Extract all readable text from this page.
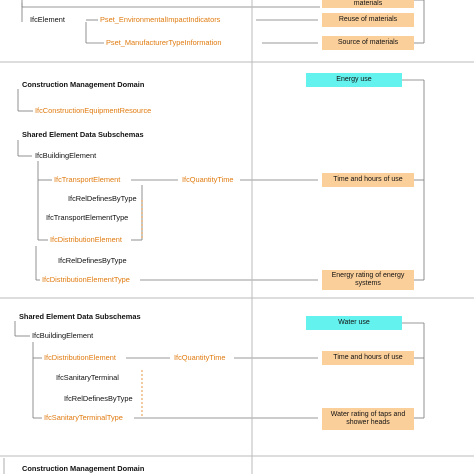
IfcElement	Pset_EnvironmentalImpactIndicators
Pset_ManufacturerTypeInformation
materials
Reuse of materials
Source of materials
Construction Management Domain
IfcConstructionEquipmentResource
Shared Element Data Subschemas
IfcBuildingElement
IfcTransportElement	IfcQuantityTime
IfcRelDefinesByType
IfcTransportElementType
IfcDistributionElement
IfcRelDefinesByType
IfcDistributionElementType
Energy use
Time and hours of use
Energy rating of energy
systems
Shared Element Data Subschemas
IfcBuildingElement
IfcDistributionElement	IfcQuantityTime
IfcSanitaryTerminal
IfcRelDefinesByType
IfcSanitaryTerminalType
Water use
Time and hours of use
Water rating of taps and
shower heads
Construction Management Domain
